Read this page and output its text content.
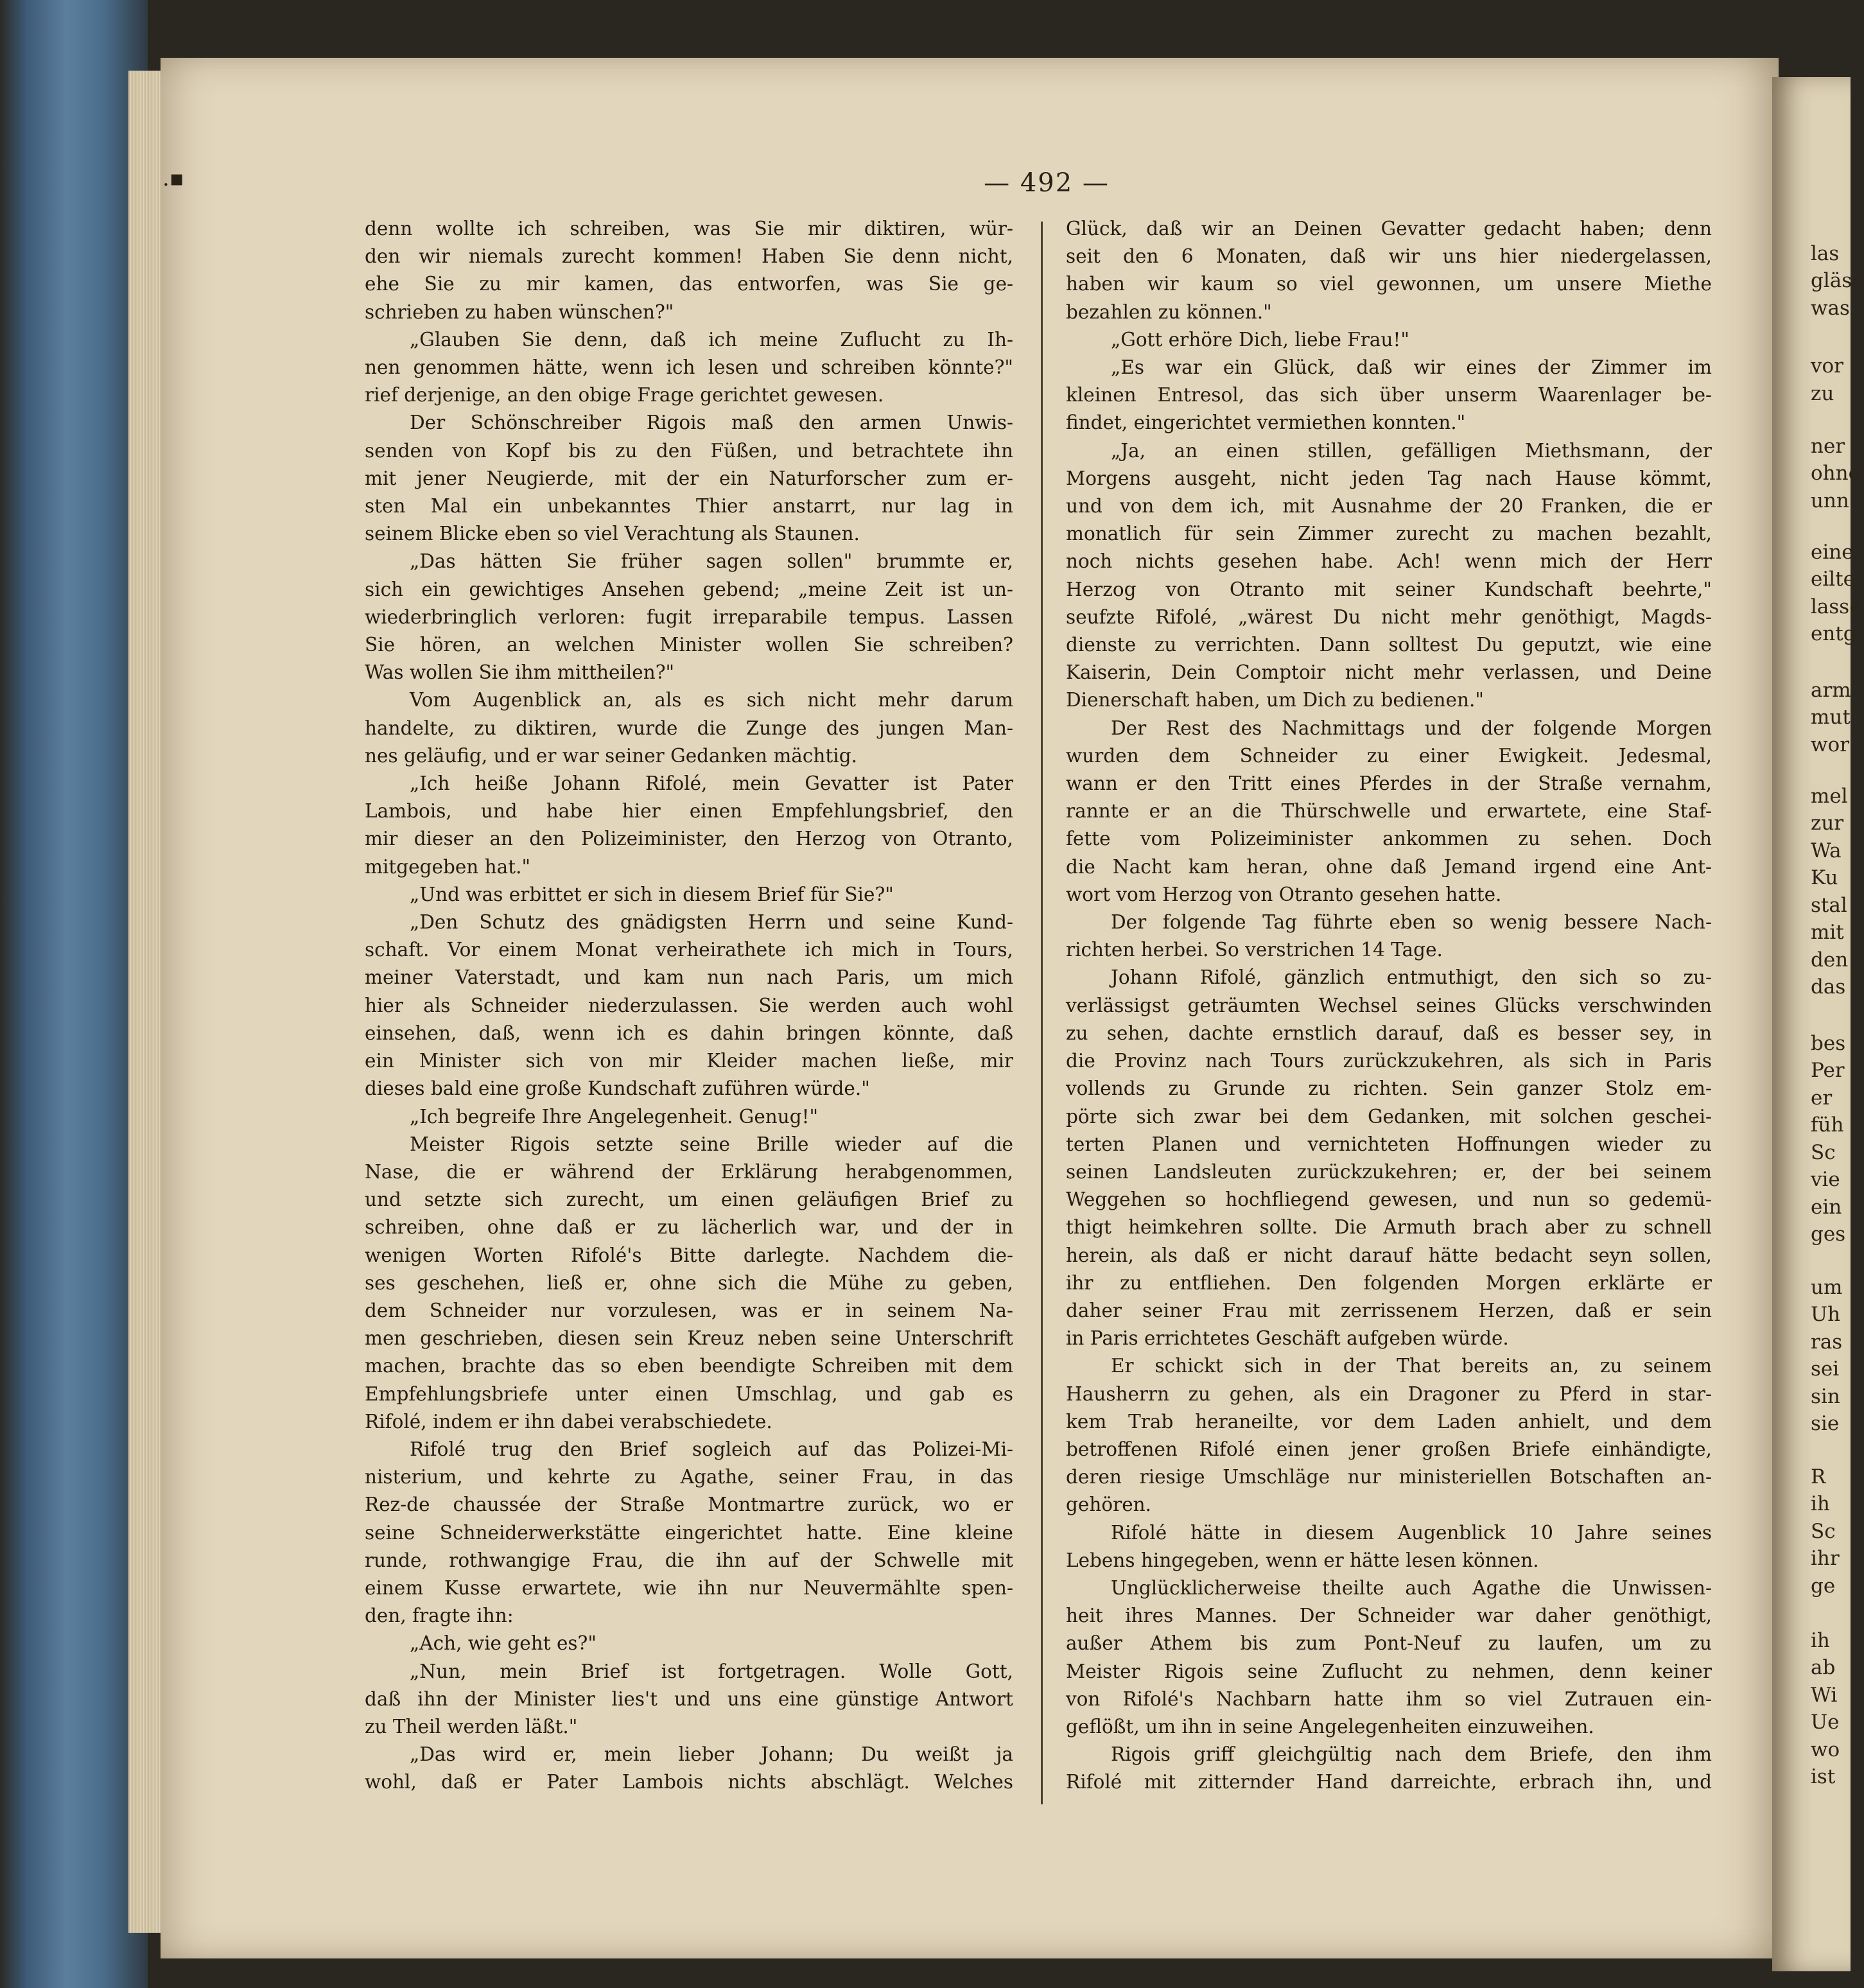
las
gläse
was
vor
zu
ner
ohne
unn
eine
eilte
lasse
entg
arm
mut
wor
mel
zur
Wa
Ku
stal
mit
den
das
bes
Per
er
füh
Sc
vie
ein
ges
um
Uh
ras
sei
sin
sie
R
ih
Sc
ihr
ge
ih
ab
Wi
Ue
wo
ist
.▪	— 492 —
denn wollte ich schreiben, was Sie mir diktiren, wür-
den wir niemals zurecht kommen! Haben Sie denn nicht,
ehe Sie zu mir kamen, das entworfen, was Sie ge-
schrieben zu haben wünschen?"
„Glauben Sie denn, daß ich meine Zuflucht zu Ih-
nen genommen hätte, wenn ich lesen und schreiben könnte?"
rief derjenige, an den obige Frage gerichtet gewesen.
Der Schönschreiber Rigois maß den armen Unwis-
senden von Kopf bis zu den Füßen, und betrachtete ihn
mit jener Neugierde, mit der ein Naturforscher zum er-
sten Mal ein unbekanntes Thier anstarrt, nur lag in
seinem Blicke eben so viel Verachtung als Staunen.
„Das hätten Sie früher sagen sollen" brummte er,
sich ein gewichtiges Ansehen gebend; „meine Zeit ist un-
wiederbringlich verloren: fugit irreparabile tempus. Lassen
Sie hören, an welchen Minister wollen Sie schreiben?
Was wollen Sie ihm mittheilen?"
Vom Augenblick an, als es sich nicht mehr darum
handelte, zu diktiren, wurde die Zunge des jungen Man-
nes geläufig, und er war seiner Gedanken mächtig.
„Ich heiße Johann Rifolé, mein Gevatter ist Pater
Lambois, und habe hier einen Empfehlungsbrief, den
mir dieser an den Polizeiminister, den Herzog von Otranto,
mitgegeben hat."
„Und was erbittet er sich in diesem Brief für Sie?"
„Den Schutz des gnädigsten Herrn und seine Kund-
schaft. Vor einem Monat verheirathete ich mich in Tours,
meiner Vaterstadt, und kam nun nach Paris, um mich
hier als Schneider niederzulassen. Sie werden auch wohl
einsehen, daß, wenn ich es dahin bringen könnte, daß
ein Minister sich von mir Kleider machen ließe, mir
dieses bald eine große Kundschaft zuführen würde."
„Ich begreife Ihre Angelegenheit. Genug!"
Meister Rigois setzte seine Brille wieder auf die
Nase, die er während der Erklärung herabgenommen,
und setzte sich zurecht, um einen geläufigen Brief zu
schreiben, ohne daß er zu lächerlich war, und der in
wenigen Worten Rifolé's Bitte darlegte. Nachdem die-
ses geschehen, ließ er, ohne sich die Mühe zu geben,
dem Schneider nur vorzulesen, was er in seinem Na-
men geschrieben, diesen sein Kreuz neben seine Unterschrift
machen, brachte das so eben beendigte Schreiben mit dem
Empfehlungsbriefe unter einen Umschlag, und gab es
Rifolé, indem er ihn dabei verabschiedete.
Rifolé trug den Brief sogleich auf das Polizei-Mi-
nisterium, und kehrte zu Agathe, seiner Frau, in das
Rez-de chaussée der Straße Montmartre zurück, wo er
seine Schneiderwerkstätte eingerichtet hatte. Eine kleine
runde, rothwangige Frau, die ihn auf der Schwelle mit
einem Kusse erwartete, wie ihn nur Neuvermählte spen-
den, fragte ihn:
„Ach, wie geht es?"
„Nun, mein Brief ist fortgetragen. Wolle Gott,
daß ihn der Minister lies't und uns eine günstige Antwort
zu Theil werden läßt."
„Das wird er, mein lieber Johann; Du weißt ja
wohl, daß er Pater Lambois nichts abschlägt. Welches
Glück, daß wir an Deinen Gevatter gedacht haben; denn
seit den 6 Monaten, daß wir uns hier niedergelassen,
haben wir kaum so viel gewonnen, um unsere Miethe
bezahlen zu können."
„Gott erhöre Dich, liebe Frau!"
„Es war ein Glück, daß wir eines der Zimmer im
kleinen Entresol, das sich über unserm Waarenlager be-
findet, eingerichtet vermiethen konnten."
„Ja, an einen stillen, gefälligen Miethsmann, der
Morgens ausgeht, nicht jeden Tag nach Hause kömmt,
und von dem ich, mit Ausnahme der 20 Franken, die er
monatlich für sein Zimmer zurecht zu machen bezahlt,
noch nichts gesehen habe. Ach! wenn mich der Herr
Herzog von Otranto mit seiner Kundschaft beehrte,"
seufzte Rifolé, „wärest Du nicht mehr genöthigt, Magds-
dienste zu verrichten. Dann solltest Du geputzt, wie eine
Kaiserin, Dein Comptoir nicht mehr verlassen, und Deine
Dienerschaft haben, um Dich zu bedienen."
Der Rest des Nachmittags und der folgende Morgen
wurden dem Schneider zu einer Ewigkeit. Jedesmal,
wann er den Tritt eines Pferdes in der Straße vernahm,
rannte er an die Thürschwelle und erwartete, eine Staf-
fette vom Polizeiminister ankommen zu sehen. Doch
die Nacht kam heran, ohne daß Jemand irgend eine Ant-
wort vom Herzog von Otranto gesehen hatte.
Der folgende Tag führte eben so wenig bessere Nach-
richten herbei. So verstrichen 14 Tage.
Johann Rifolé, gänzlich entmuthigt, den sich so zu-
verlässigst geträumten Wechsel seines Glücks verschwinden
zu sehen, dachte ernstlich darauf, daß es besser sey, in
die Provinz nach Tours zurückzukehren, als sich in Paris
vollends zu Grunde zu richten. Sein ganzer Stolz em-
pörte sich zwar bei dem Gedanken, mit solchen geschei-
terten Planen und vernichteten Hoffnungen wieder zu
seinen Landsleuten zurückzukehren; er, der bei seinem
Weggehen so hochfliegend gewesen, und nun so gedemü-
thigt heimkehren sollte. Die Armuth brach aber zu schnell
herein, als daß er nicht darauf hätte bedacht seyn sollen,
ihr zu entfliehen. Den folgenden Morgen erklärte er
daher seiner Frau mit zerrissenem Herzen, daß er sein
in Paris errichtetes Geschäft aufgeben würde.
Er schickt sich in der That bereits an, zu seinem
Hausherrn zu gehen, als ein Dragoner zu Pferd in star-
kem Trab heraneilte, vor dem Laden anhielt, und dem
betroffenen Rifolé einen jener großen Briefe einhändigte,
deren riesige Umschläge nur ministeriellen Botschaften an-
gehören.
Rifolé hätte in diesem Augenblick 10 Jahre seines
Lebens hingegeben, wenn er hätte lesen können.
Unglücklicherweise theilte auch Agathe die Unwissen-
heit ihres Mannes. Der Schneider war daher genöthigt,
außer Athem bis zum Pont-Neuf zu laufen, um zu
Meister Rigois seine Zuflucht zu nehmen, denn keiner
von Rifolé's Nachbarn hatte ihm so viel Zutrauen ein-
geflößt, um ihn in seine Angelegenheiten einzuweihen.
Rigois griff gleichgültig nach dem Briefe, den ihm
Rifolé mit zitternder Hand darreichte, erbrach ihn, und
